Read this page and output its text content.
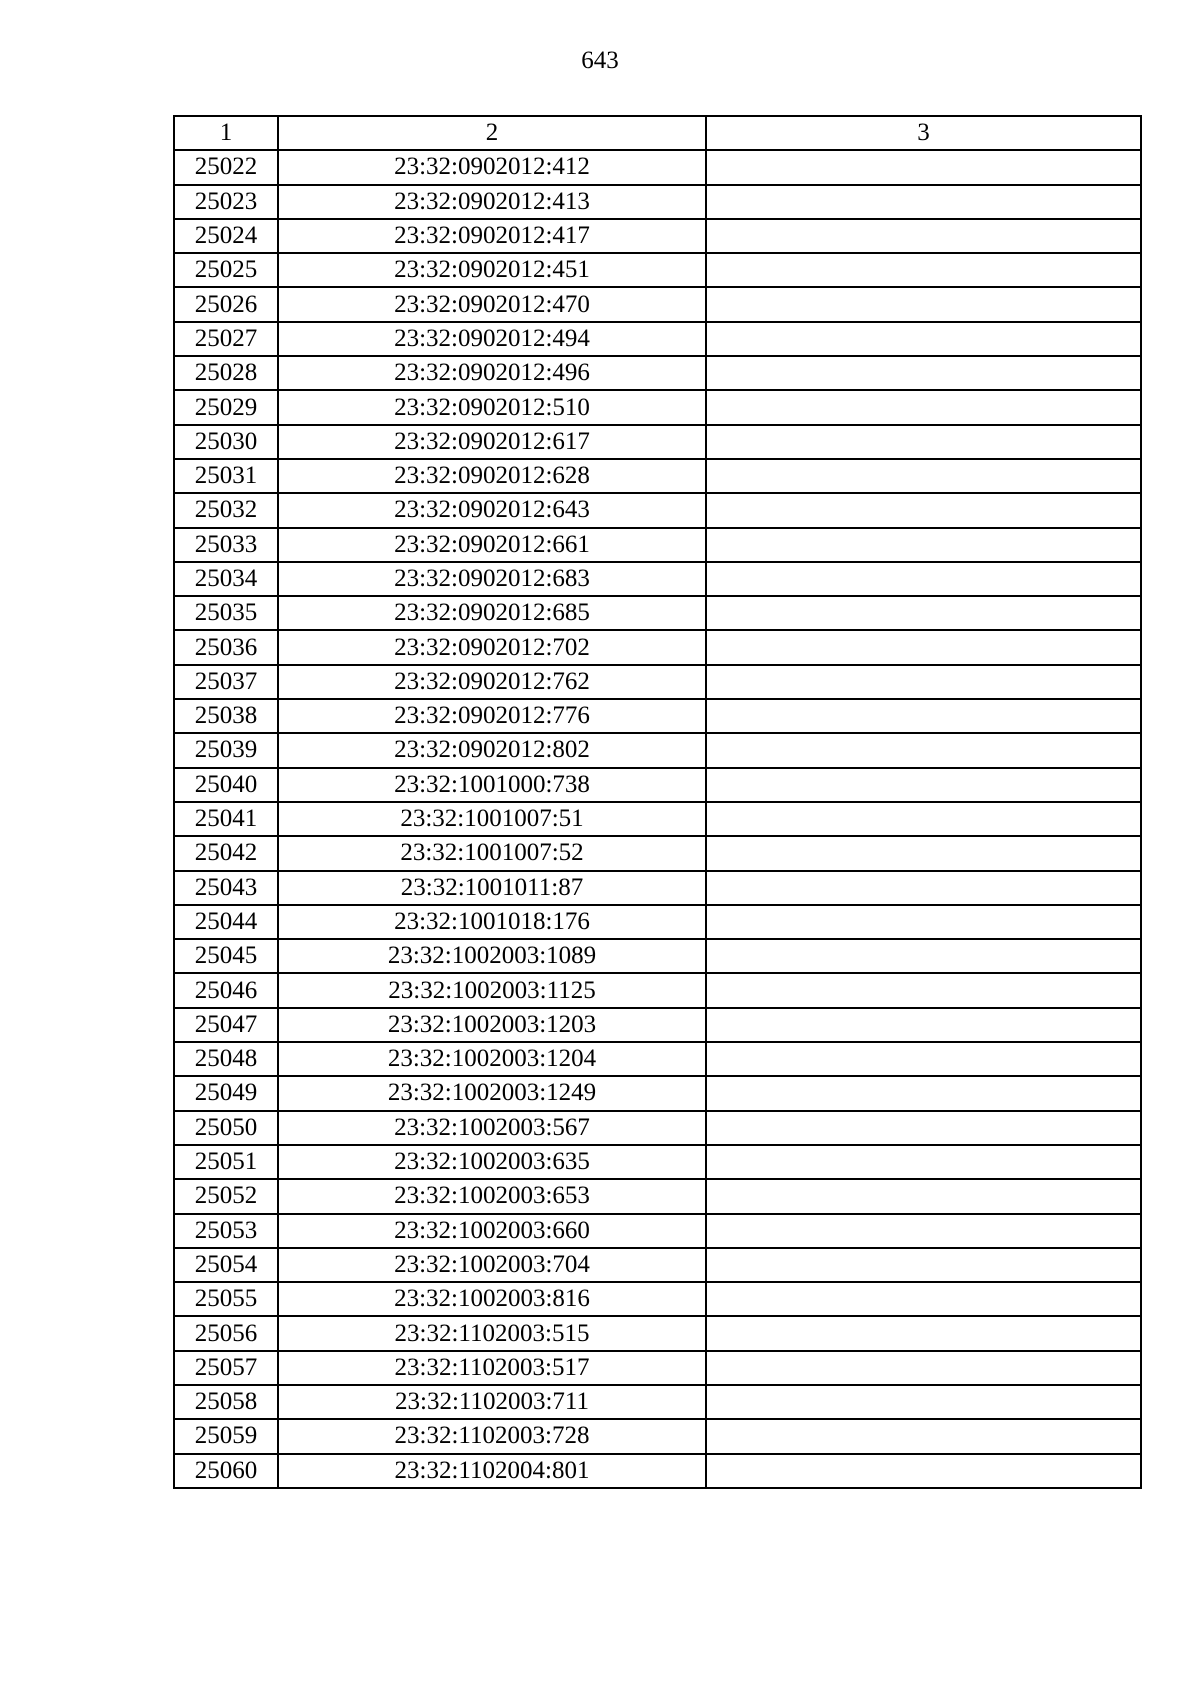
643
1	2	3
25022	23:32:0902012:412	
25023	23:32:0902012:413	
25024	23:32:0902012:417	
25025	23:32:0902012:451	
25026	23:32:0902012:470	
25027	23:32:0902012:494	
25028	23:32:0902012:496	
25029	23:32:0902012:510	
25030	23:32:0902012:617	
25031	23:32:0902012:628	
25032	23:32:0902012:643	
25033	23:32:0902012:661	
25034	23:32:0902012:683	
25035	23:32:0902012:685	
25036	23:32:0902012:702	
25037	23:32:0902012:762	
25038	23:32:0902012:776	
25039	23:32:0902012:802	
25040	23:32:1001000:738	
25041	23:32:1001007:51	
25042	23:32:1001007:52	
25043	23:32:1001011:87	
25044	23:32:1001018:176	
25045	23:32:1002003:1089	
25046	23:32:1002003:1125	
25047	23:32:1002003:1203	
25048	23:32:1002003:1204	
25049	23:32:1002003:1249	
25050	23:32:1002003:567	
25051	23:32:1002003:635	
25052	23:32:1002003:653	
25053	23:32:1002003:660	
25054	23:32:1002003:704	
25055	23:32:1002003:816	
25056	23:32:1102003:515	
25057	23:32:1102003:517	
25058	23:32:1102003:711	
25059	23:32:1102003:728	
25060	23:32:1102004:801	
